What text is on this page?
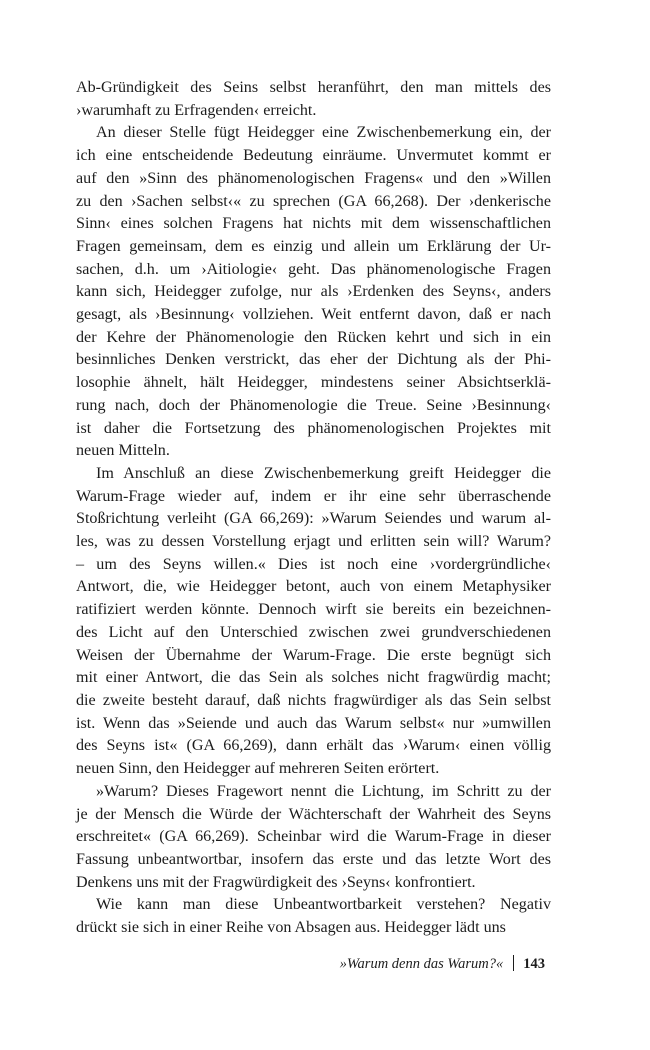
Ab-Gründigkeit des Seins selbst heranführt, den man mittels des
›warumhaft zu Erfragenden‹ erreicht.

An dieser Stelle fügt Heidegger eine Zwischenbemerkung ein, der
ich eine entscheidende Bedeutung einräume. Unvermutet kommt er
auf den »Sinn des phänomenologischen Fragens« und den »Willen
zu den ›Sachen selbst‹« zu sprechen (GA 66,268). Der ›denkerische
Sinn‹ eines solchen Fragens hat nichts mit dem wissenschaftlichen
Fragen gemeinsam, dem es einzig und allein um Erklärung der Ur-
sachen, d.h. um ›Aitiologie‹ geht. Das phänomenologische Fragen
kann sich, Heidegger zufolge, nur als ›Erdenken des Seyns‹, anders
gesagt, als ›Besinnung‹ vollziehen. Weit entfernt davon, daß er nach
der Kehre der Phänomenologie den Rücken kehrt und sich in ein
besinnliches Denken verstrickt, das eher der Dichtung als der Phi-
losophie ähnelt, hält Heidegger, mindestens seiner Absichtserklä-
rung nach, doch der Phänomenologie die Treue. Seine ›Besinnung‹
ist daher die Fortsetzung des phänomenologischen Projektes mit
neuen Mitteln.

Im Anschluß an diese Zwischenbemerkung greift Heidegger die
Warum-Frage wieder auf, indem er ihr eine sehr überraschende
Stoßrichtung verleiht (GA 66,269): »Warum Seiendes und warum al-
les, was zu dessen Vorstellung erjagt und erlitten sein will? Warum?
– um des Seyns willen.« Dies ist noch eine ›vordergründliche‹
Antwort, die, wie Heidegger betont, auch von einem Metaphysiker
ratifiziert werden könnte. Dennoch wirft sie bereits ein bezeichnen-
des Licht auf den Unterschied zwischen zwei grundverschiedenen
Weisen der Übernahme der Warum-Frage. Die erste begnügt sich
mit einer Antwort, die das Sein als solches nicht fragwürdig macht;
die zweite besteht darauf, daß nichts fragwürdiger als das Sein selbst
ist. Wenn das »Seiende und auch das Warum selbst« nur »umwillen
des Seyns ist« (GA 66,269), dann erhält das ›Warum‹ einen völlig
neuen Sinn, den Heidegger auf mehreren Seiten erörtert.

»Warum? Dieses Fragewort nennt die Lichtung, im Schritt zu der
je der Mensch die Würde der Wächterschaft der Wahrheit des Seyns
erschreitet« (GA 66,269). Scheinbar wird die Warum-Frage in dieser
Fassung unbeantwortbar, insofern das erste und das letzte Wort des
Denkens uns mit der Fragwürdigkeit des ›Seyns‹ konfrontiert.

Wie kann man diese Unbeantwortbarkeit verstehen? Negativ
drückt sie sich in einer Reihe von Absagen aus. Heidegger lädt uns

»Warum denn das Warum?« 143
